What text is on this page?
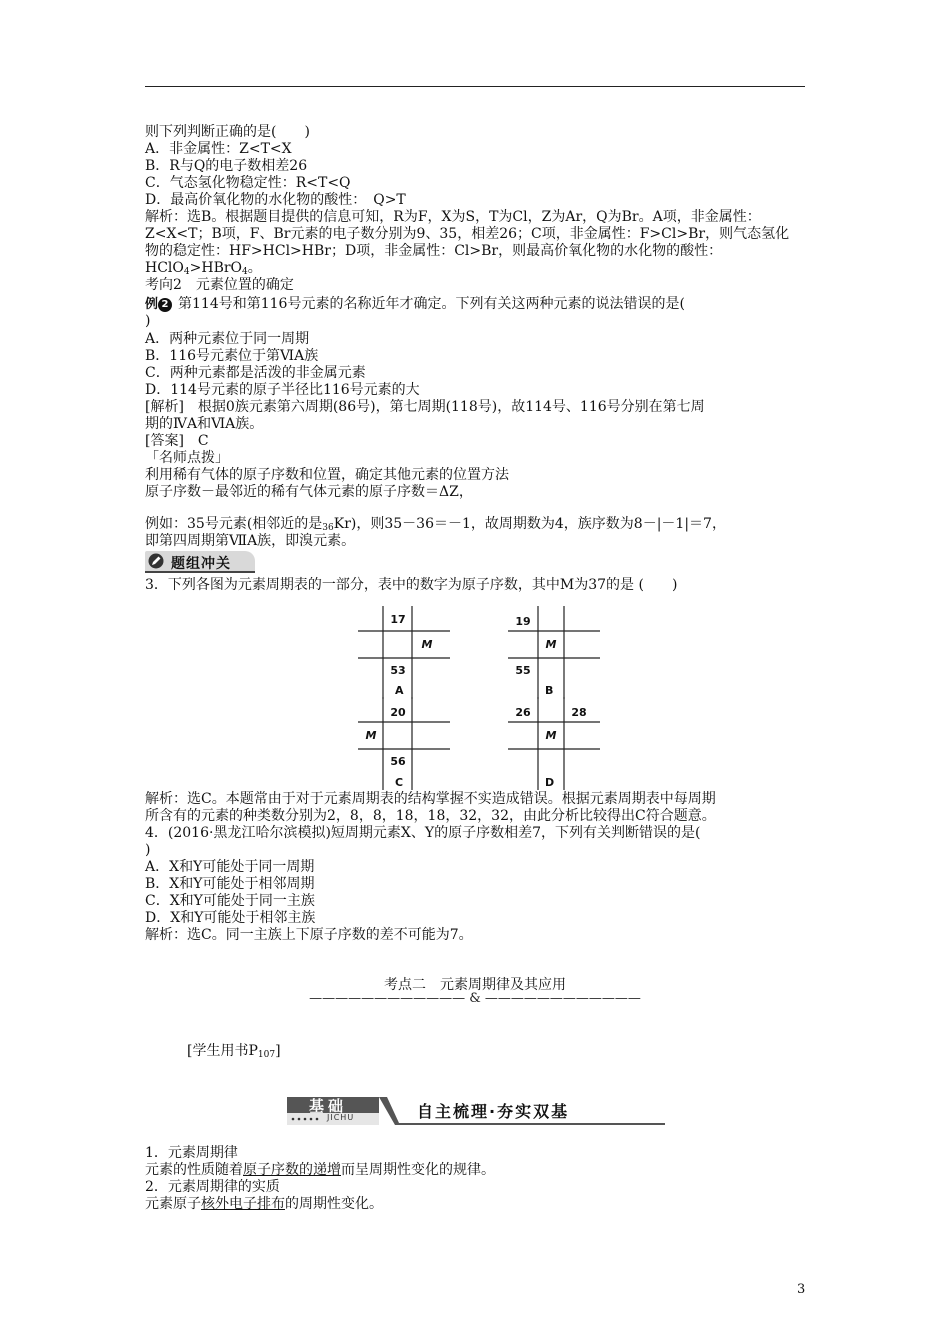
则下列判断正确的是(　　)
A．非金属性：Z<T<X
B．R与Q的电子数相差26
C．气态氢化物稳定性：R<T<Q
D．最高价氧化物的水化物的酸性：　Q>T
解析：选B。根据题目提供的信息可知，R为F，X为S，T为Cl，Z为Ar，Q为Br。A项，非金属性：
Z<X<T；B项，F、Br元素的电子数分别为9、35，相差26；C项，非金属性：F>Cl>Br，则气态氢化
物的稳定性：HF>HCl>HBr；D项，非金属性：Cl>Br，则最高价氧化物的水化物的酸性：
HClO$_4$>HBrO$_4$。
考向2　元素位置的确定
例 2 第114号和第116号元素的名称近年才确定。下列有关这两种元素的说法错误的是(
)
A．两种元素位于同一周期
B．116号元素位于第ⅥA族
C．两种元素都是活泼的非金属元素
D．114号元素的原子半径比116号元素的大
[解析]　根据0族元素第六周期(86号)，第七周期(118号)，故114号、116号分别在第七周
期的ⅣA和ⅥA族。
[答案]　C
「名师点拨」
利用稀有气体的原子序数和位置，确定其他元素的位置方法
原子序数－最邻近的稀有气体元素的原子序数＝ΔZ，
例如：35号元素(相邻近的是$_{36}$Kr)，则35－36＝－1，故周期数为4，族序数为8－|－1|＝7，
即第四周期第ⅦA族，即溴元素。
题组冲关
3．下列各图为元素周期表的一部分，表中的数字为原子序数，其中M为37的是 (　　)
17
M
53
A
19
M
55
B
20
M
56
C
26	28
M
D
解析：选C。本题常由于对于元素周期表的结构掌握不实造成错误。根据元素周期表中每周期
所含有的元素的种类数分别为2，8，8，18，18，32，32，由此分析比较得出C符合题意。
4．(2016·黑龙江哈尔滨模拟)短周期元素X、Y的原子序数相差7，下列有关判断错误的是(
)
A．X和Y可能处于同一周期
B．X和Y可能处于相邻周期
C．X和Y可能处于同一主族
D．X和Y可能处于相邻主族
解析：选C。同一主族上下原子序数的差不可能为7。
考点二　元素周期律及其应用
———————————— & ————————————
[学生用书$P_{107}$]
基础
JICHU	自主梳理·夯实双基
1．元素周期律
元素的性质随着原子序数的递增而呈周期性变化的规律。
2．元素周期律的实质
元素原子核外电子排布的周期性变化。
3
